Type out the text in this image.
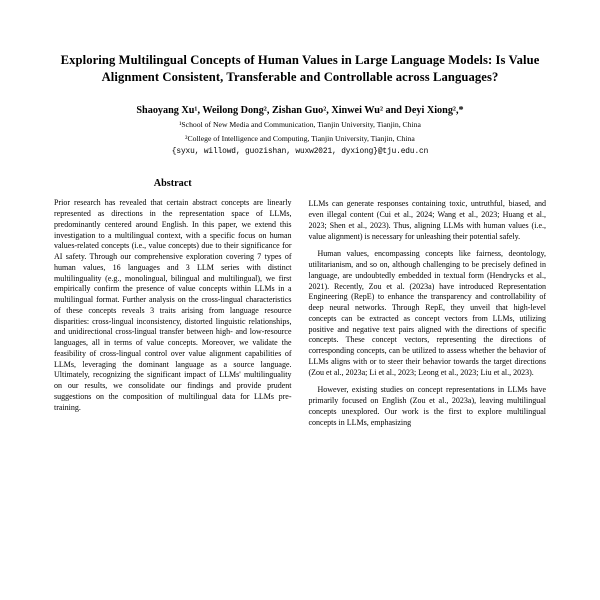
Exploring Multilingual Concepts of Human Values in Large Language Models: Is Value Alignment Consistent, Transferable and Controllable across Languages?
Shaoyang Xu¹, Weilong Dong², Zishan Guo², Xinwei Wu² and Deyi Xiong²,*
¹School of New Media and Communication, Tianjin University, Tianjin, China
²College of Intelligence and Computing, Tianjin University, Tianjin, China
{syxu, willowd, guozishan, wuxw2021, dyxiong}@tju.edu.cn
Abstract

Prior research has revealed that certain abstract concepts are linearly represented as directions in the representation space of LLMs, predominantly centered around English. In this paper, we extend this investigation to a multilingual context, with a specific focus on human values-related concepts (i.e., value concepts) due to their significance for AI safety. Through our comprehensive exploration covering 7 types of human values, 16 languages and 3 LLM series with distinct multilinguality (e.g., monolingual, bilingual and multilingual), we first empirically confirm the presence of value concepts within LLMs in a multilingual format. Further analysis on the cross-lingual characteristics of these concepts reveals 3 traits arising from language resource disparities: cross-lingual inconsistency, distorted linguistic relationships, and unidirectional cross-lingual transfer between high- and low-resource languages, all in terms of value concepts. Moreover, we validate the feasibility of cross-lingual control over value alignment capabilities of LLMs, leveraging the dominant language as a source language. Ultimately, recognizing the significant impact of LLMs' multilinguality on our results, we consolidate our findings and provide prudent suggestions on the composition of multilingual data for LLMs pre-training.

LLMs can generate responses containing toxic, untruthful, biased, and even illegal content (Cui et al., 2024; Wang et al., 2023; Huang et al., 2023; Shen et al., 2023). Thus, aligning LLMs with human values (i.e., value alignment) is necessary for unleashing their potential safely.

Human values, encompassing concepts like fairness, deontology, utilitarianism, and so on, although challenging to be precisely defined in language, are undoubtedly embedded in textual form (Hendrycks et al., 2021). Recently, Zou et al. (2023a) have introduced Representation Engineering (RepE) to enhance the transparency and controllability of deep neural networks. Through RepE, they unveil that high-level concepts can be extracted as concept vectors from LLMs, utilizing positive and negative text pairs aligned with the directions of specific concepts. These concept vectors, representing the directions of corresponding concepts, can be utilized to assess whether the behavior of LLMs aligns with or to steer their behavior towards the target directions (Zou et al., 2023a; Li et al., 2023; Leong et al., 2023; Liu et al., 2023).

However, existing studies on concept representations in LLMs have primarily focused on English (Zou et al., 2023a), leaving multilingual concepts unexplored. Our work is the first to explore multilingual concepts in LLMs, emphasizing
